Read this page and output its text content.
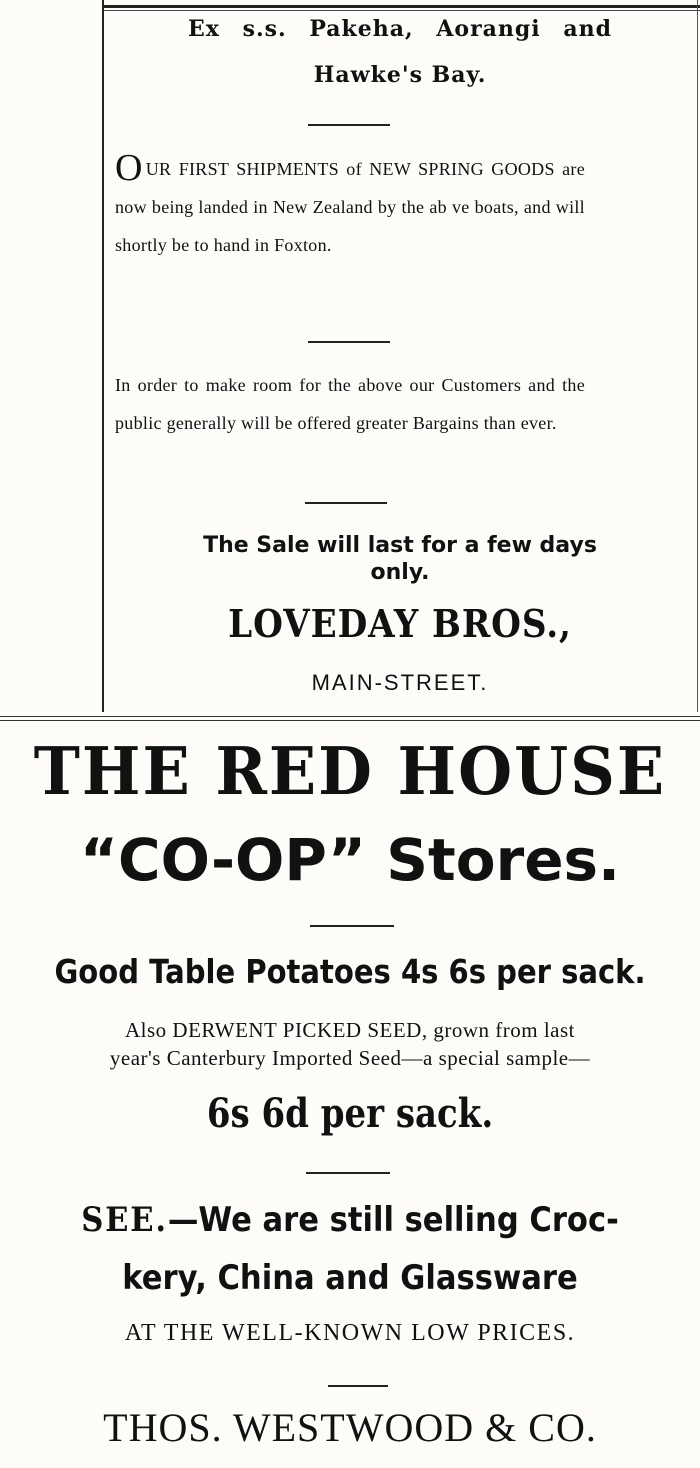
Ex s.s. Pakeha, Aorangi and
Hawke's Bay.
OUR FIRST SHIPMENTS of NEW SPRING GOODS are now being landed in New Zealand by the ab ve boats, and will shortly be to hand in Foxton.
In order to make room for the above our Customers and the public generally will be offered greater Bargains than ever.
The Sale will last for a few days
only.
LOVEDAY BROS.,
MAIN-STREET.
THE RED HOUSE
“CO-OP” Stores.
Good Table Potatoes 4s 6s per sack.
Also DERWENT PICKED SEED, grown from last
year's Canterbury Imported Seed—a special sample—
6s 6d per sack.
SEE.—We are still selling Croc-
kery, China and Glassware
AT THE WELL-KNOWN LOW PRICES.
THOS. WESTWOOD & CO.
